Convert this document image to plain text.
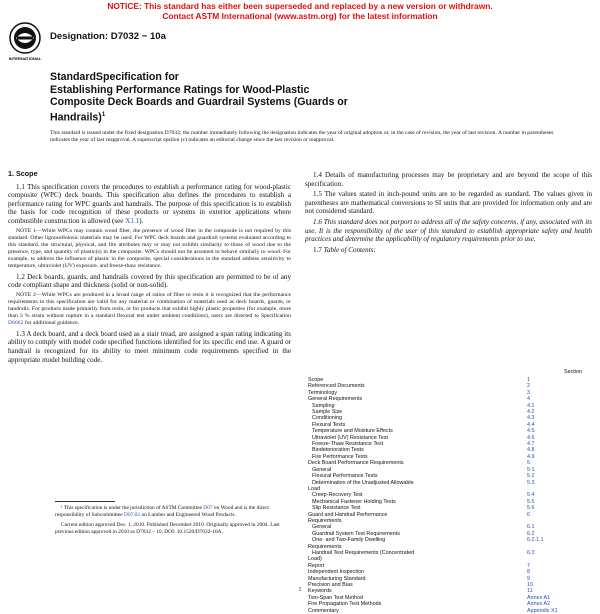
NOTICE: This standard has either been superseded and replaced by a new version or withdrawn.
Contact ASTM International (www.astm.org) for the latest information
INTERNATIONAL
Designation: D7032 − 10a
StandardSpecification for
Establishing Performance Ratings for Wood-Plastic
Composite Deck Boards and Guardrail Systems (Guards or
Handrails)$^1$
This standard is issued under the fixed designation D7032; the number immediately following the designation indicates the year of original adoption or, in the case of revision, the year of last revision. A number in parentheses indicates the year of last reapproval. A superscript epsilon (ε) indicates an editorial change since the last revision or reapproval.

1. Scope

1.1 This specification covers the procedures to establish a performance rating for wood-plastic composite (WPC) deck boards. This specification also defines the procedures to establish a performance rating for WPC guards and handrails. The purpose of this specification is to establish the basis for code recognition of these products or systems in exterior applications where combustible construction is allowed (see X1.1).

NOTE 1—While WPCs may contain wood fiber, the presence of wood fiber in the composite is not required by this standard. Other lignocellulosic materials may be used. For WPC deck boards and guardrail systems evaluated according to this standard, the structural, physical, and fire attributes may or may not exhibit similarity to those of wood due to the presence, type, and quantity of plastic(s) in the composite. WPCs should not be assumed to behave similarly to wood. For example, to address the influence of plastic in the composite, special considerations in the standard address sensitivity to temperature, ultraviolet (UV) exposure, and freeze-thaw resistance.

1.2 Deck boards, guards, and handrails covered by this specification are permitted to be of any code compliant shape and thickness (solid or non-solid).

NOTE 2—While WPCs are produced in a broad range of ratios of fiber to resin it is recognized that the performance requirements in this specification are valid for any material or combination of materials used as deck boards, guards, or handrails. For products made primarily from resin, or for products that exhibit highly plastic properties (for example, more than 3 % strain without rupture in a standard flexural test under ambient conditions), users are directed to Specification D6662 for additional guidance.

1.3 A deck board, and a deck board used as a stair tread, are assigned a span rating indicating its ability to comply with model code specified functions identified for its specific end use. A guard or handrail is recognized for its ability to meet minimum code requirements specified in the appropriate model building code.

1.4 Details of manufacturing processes may be proprietary and are beyond the scope of this specification.

1.5 The values stated in inch-pound units are to be regarded as standard. The values given in parentheses are mathematical conversions to SI units that are provided for information only and are not considered standard.

1.6 This standard does not purport to address all of the safety concerns, if any, associated with its use. It is the responsibility of the user of this standard to establish appropriate safety and health practices and determine the applicability of regulatory requirements prior to use.

1.7 Table of Contents:

Section
Scope	1
Referenced Documents	2
Terminology	3
General Requirements	4
Sampling	4.1
Sample Size	4.2
Conditioning	4.3
Flexural Tests	4.4
Temperature and Moisture Effects	4.5
Ultraviolet (UV) Resistance Test	4.6
Freeze-Thaw Resistance Test	4.7
Biodeterioration Tests	4.8
Fire Performance Tests	4.9
Deck Board Performance Requirements	5
General	5.1
Flexural Performance Tests	5.2
Determination of the Unadjusted Allowable	5.3
Load
Creep-Recovery Test	5.4
Mechanical Fastener Holding Tests	5.5
Slip Resistance Test	5.6
Guard and Handrail Performance	6
Requirements
General	6.1
Guardrail System Test Requirements	6.2
One- and Two-Family Dwelling	6.2.1.1
Requirements
Handrail Test Requirements (Concentrated	6.3
Load)
Report	7
Independent Inspection	8
Manufacturing Standard	9
Precision and Bias	10
Keywords	11
Two-Span Test Method	Annex A1
Fire Propagation Test Methods	Annex A2
Commentary	Appendix X1

¹ This specification is under the jurisdiction of ASTM Committee D07 on Wood and is the direct responsibility of Subcommittee D07.02 on Lumber and Engineered Wood Products.

Current edition approved Dec. 1, 2010. Published December 2010. Originally approved in 2004. Last previous edition approved in 2010 as D7032 – 10. DOI: 10.1520/D7032-10A.

1
